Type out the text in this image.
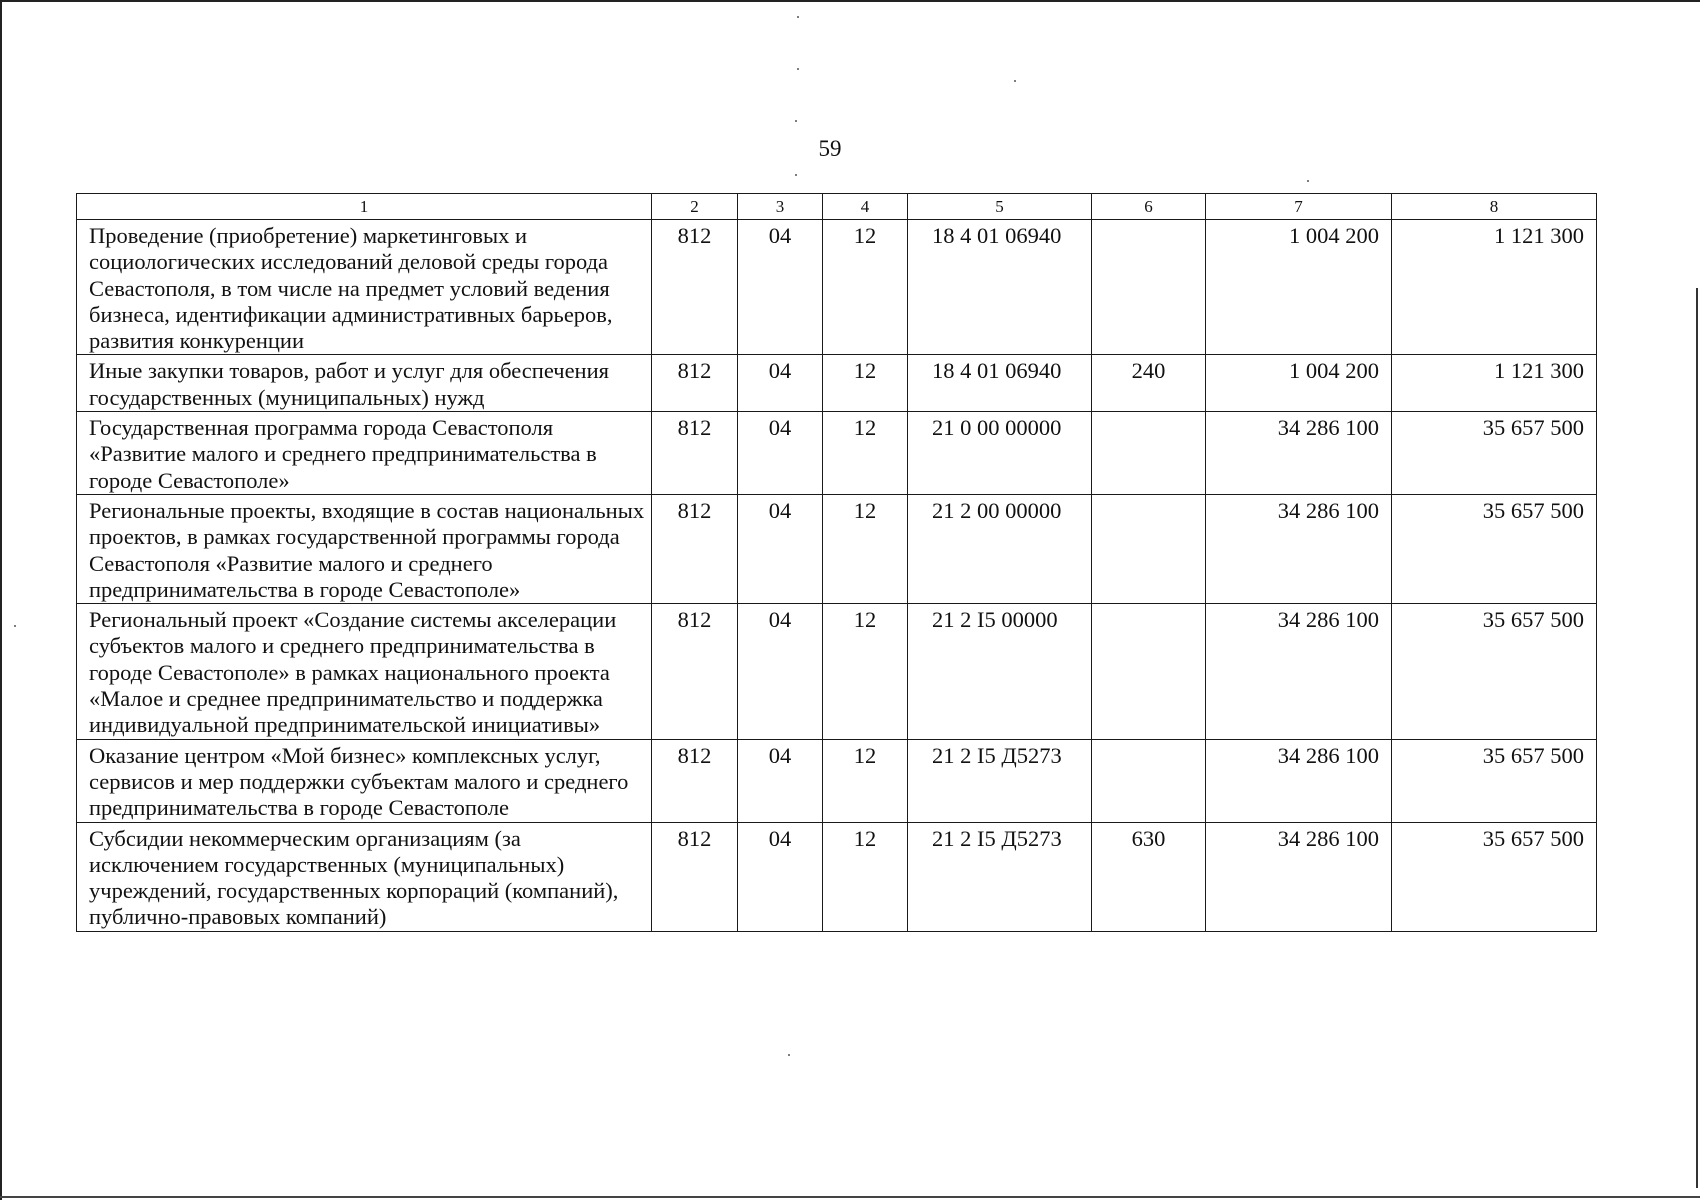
59
1	2	3	4	5	6	7	8
Проведение (приобретение) маркетинговых и социологических исследований деловой среды города Севастополя, в том числе на предмет условий ведения бизнеса, идентификации административных барьеров, развития конкуренции	812	04	12	18 4 01 06940		1 004 200	1 121 300
Иные закупки товаров, работ и услуг для обеспечения государственных (муниципальных) нужд	812	04	12	18 4 01 06940	240	1 004 200	1 121 300
Государственная программа города Севастополя «Развитие малого и среднего предпринимательства в городе Севастополе»	812	04	12	21 0 00 00000		34 286 100	35 657 500
Региональные проекты, входящие в состав национальных проектов, в рамках государственной программы города Севастополя «Развитие малого и среднего предпринимательства в городе Севастополе»	812	04	12	21 2 00 00000		34 286 100	35 657 500
Региональный проект «Создание системы акселерации субъектов малого и среднего предпринимательства в городе Севастополе» в рамках национального проекта «Малое и среднее предпринимательство и поддержка индивидуальной предпринимательской инициативы»	812	04	12	21 2 I5 00000		34 286 100	35 657 500
Оказание центром «Мой бизнес» комплексных услуг, сервисов и мер поддержки субъектам малого и среднего предпринимательства в городе Севастополе	812	04	12	21 2 I5 Д5273		34 286 100	35 657 500
Субсидии некоммерческим организациям (за исключением государственных (муниципальных) учреждений, государственных корпораций (компаний), публично-правовых компаний)	812	04	12	21 2 I5 Д5273	630	34 286 100	35 657 500
